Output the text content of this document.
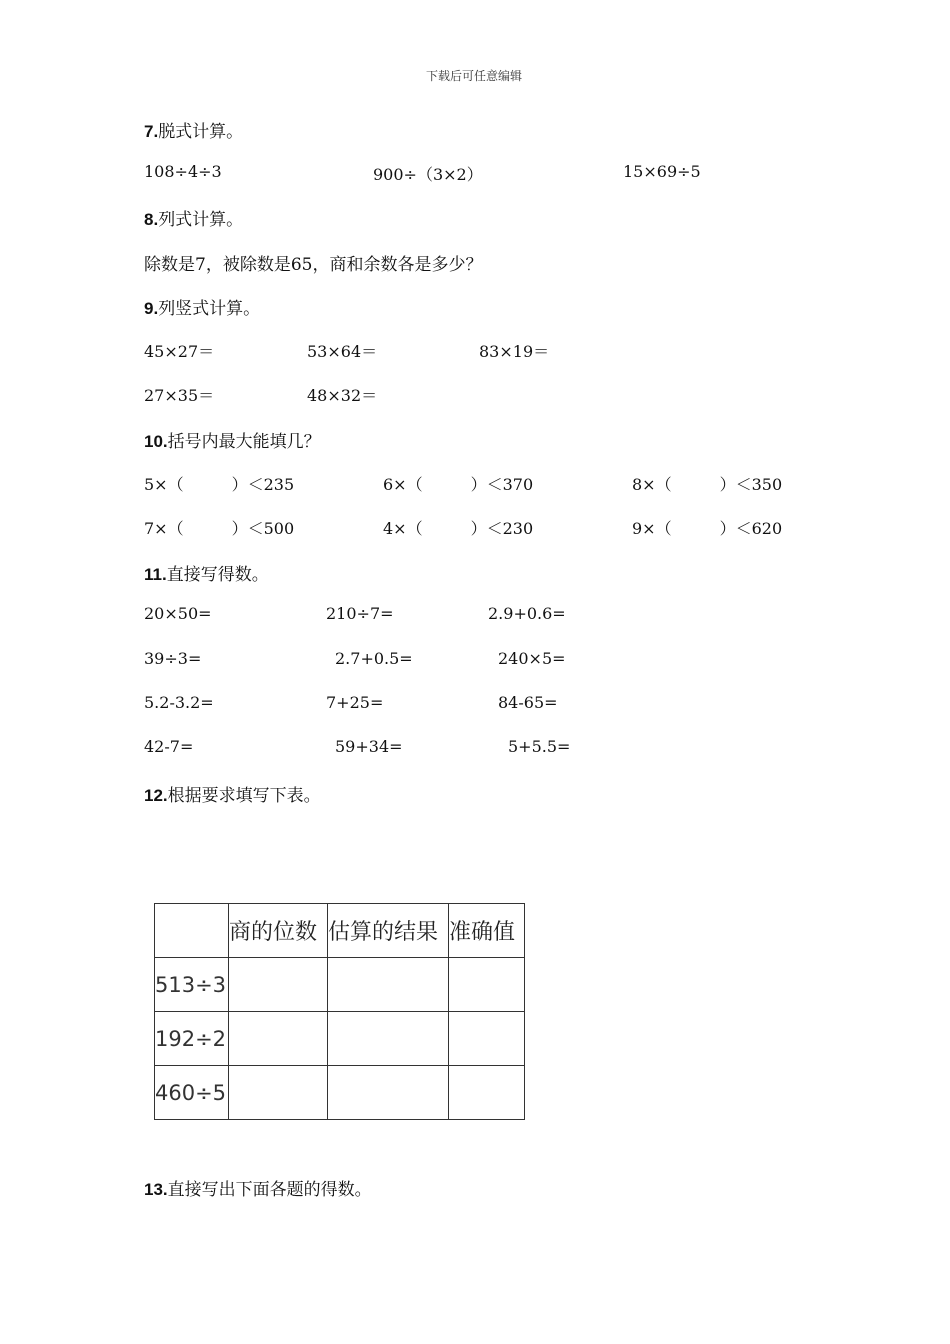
下载后可任意编辑
7.脱式计算。
108÷4÷3	900÷（3×2）	15×69÷5
8.列式计算。
除数是7，被除数是65，商和余数各是多少？
9.列竖式计算。
45×27＝	53×64＝	83×19＝
27×35＝	48×32＝
10.括号内最大能填几？
5×（　　　）＜235	6×（　　　）＜370	8×（　　　）＜350
7×（　　　）＜500	4×（　　　）＜230	9×（　　　）＜620
11.直接写得数。
20×50=	210÷7=	2.9+0.6=
39÷3=	2.7+0.5=	240×5=
5.2-3.2=	7+25=	84-65=
42-7=	59+34=	5+5.5=
12.根据要求填写下表。
	商的位数	估算的结果	准确值
513÷3			
192÷2			
460÷5			
13.直接写出下面各题的得数。
